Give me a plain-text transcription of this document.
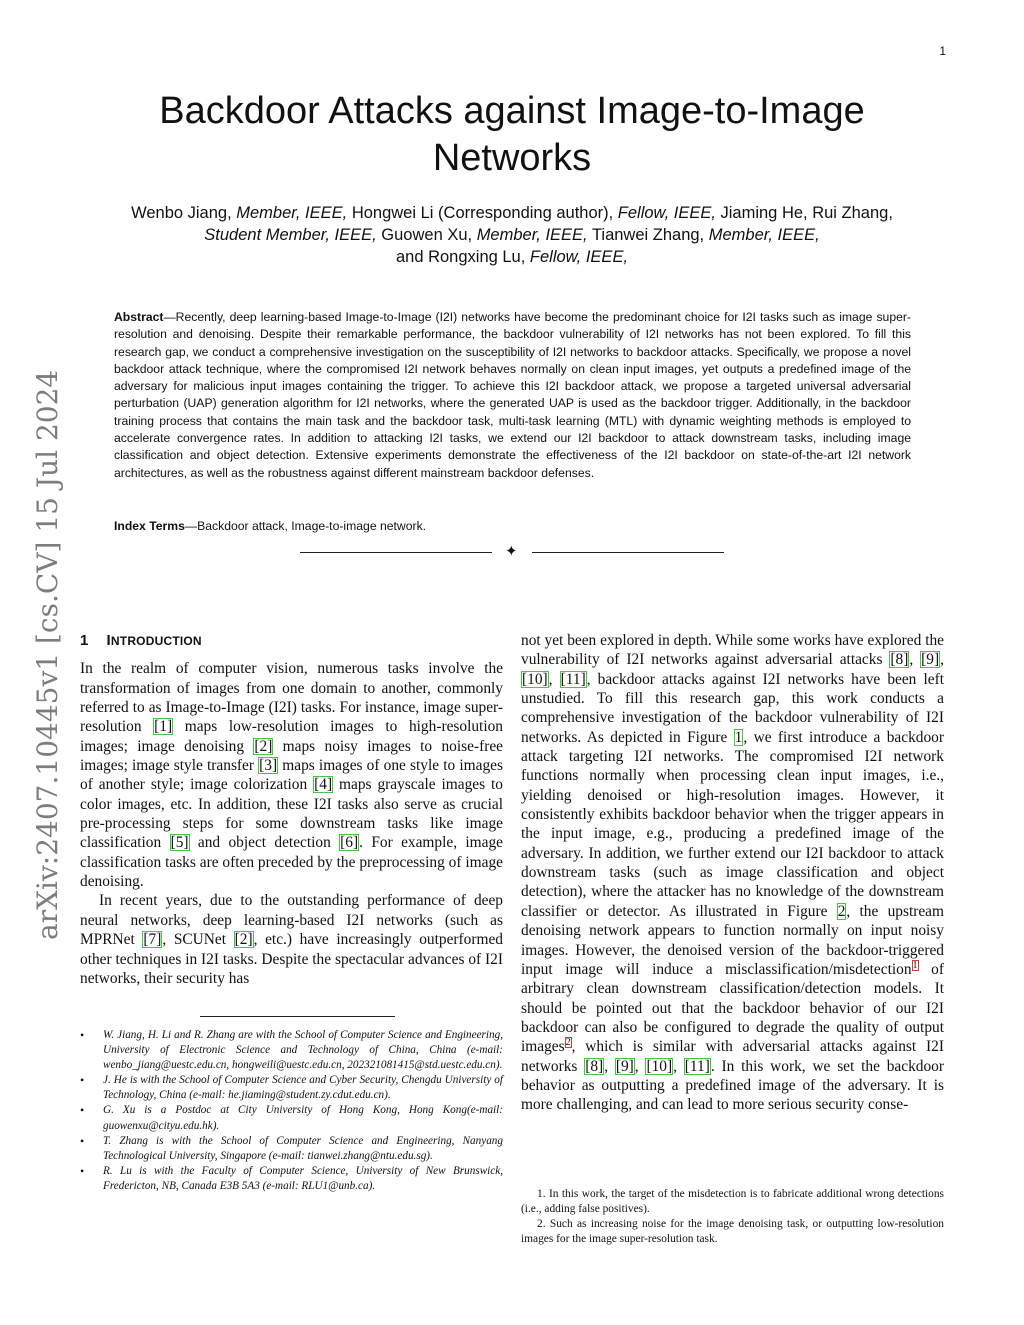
1
Backdoor Attacks against Image-to-Image Networks
Wenbo Jiang, Member, IEEE, Hongwei Li (Corresponding author), Fellow, IEEE, Jiaming He, Rui Zhang, Student Member, IEEE, Guowen Xu, Member, IEEE, Tianwei Zhang, Member, IEEE,
and Rongxing Lu, Fellow, IEEE,
Abstract—Recently, deep learning-based Image-to-Image (I2I) networks have become the predominant choice for I2I tasks such as image super-resolution and denoising. Despite their remarkable performance, the backdoor vulnerability of I2I networks has not been explored. To fill this research gap, we conduct a comprehensive investigation on the susceptibility of I2I networks to backdoor attacks. Specifically, we propose a novel backdoor attack technique, where the compromised I2I network behaves normally on clean input images, yet outputs a predefined image of the adversary for malicious input images containing the trigger. To achieve this I2I backdoor attack, we propose a targeted universal adversarial perturbation (UAP) generation algorithm for I2I networks, where the generated UAP is used as the backdoor trigger. Additionally, in the backdoor training process that contains the main task and the backdoor task, multi-task learning (MTL) with dynamic weighting methods is employed to accelerate convergence rates. In addition to attacking I2I tasks, we extend our I2I backdoor to attack downstream tasks, including image classification and object detection. Extensive experiments demonstrate the effectiveness of the I2I backdoor on state-of-the-art I2I network architectures, as well as the robustness against different mainstream backdoor defenses.
Index Terms—Backdoor attack, Image-to-image network.
✦
arXiv:2407.10445v1 [cs.CV] 15 Jul 2024	1 INTRODUCTION

In the realm of computer vision, numerous tasks involve the transformation of images from one domain to another, commonly referred to as Image-to-Image (I2I) tasks. For instance, image super-resolution [1] maps low-resolution images to high-resolution images; image denoising [2] maps noisy images to noise-free images; image style transfer [3] maps images of one style to images of another style; image colorization [4] maps grayscale images to color images, etc. In addition, these I2I tasks also serve as crucial pre-processing steps for some downstream tasks like image classification [5] and object detection [6]. For example, image classification tasks are often preceded by the preprocessing of image denoising.

In recent years, due to the outstanding performance of deep neural networks, deep learning-based I2I networks (such as MPRNet [7], SCUNet [2], etc.) have increasingly outperformed other techniques in I2I tasks. Despite the spectacular advances of I2I networks, their security has

• W. Jiang, H. Li and R. Zhang are with the School of Computer Science and Engineering, University of Electronic Science and Technology of China, China (e-mail: wenbo_jiang@uestc.edu.cn, hongweili@uestc.edu.cn, 202321081415@std.uestc.edu.cn).
• J. He is with the School of Computer Science and Cyber Security, Chengdu University of Technology, China (e-mail: he.jiaming@student.zy.cdut.edu.cn).
• G. Xu is a Postdoc at City University of Hong Kong, Hong Kong(e-mail: guowenxu@cityu.edu.hk).
• T. Zhang is with the School of Computer Science and Engineering, Nanyang Technological University, Singapore (e-mail: tianwei.zhang@ntu.edu.sg).
• R. Lu is with the Faculty of Computer Science, University of New Brunswick, Fredericton, NB, Canada E3B 5A3 (e-mail: RLU1@unb.ca).

not yet been explored in depth. While some works have explored the vulnerability of I2I networks against adversarial attacks [8], [9], [10], [11], backdoor attacks against I2I networks have been left unstudied. To fill this research gap, this work conducts a comprehensive investigation of the backdoor vulnerability of I2I networks. As depicted in Figure 1, we first introduce a backdoor attack targeting I2I networks. The compromised I2I network functions normally when processing clean input images, i.e., yielding denoised or high-resolution images. However, it consistently exhibits backdoor behavior when the trigger appears in the input image, e.g., producing a predefined image of the adversary. In addition, we further extend our I2I backdoor to attack downstream tasks (such as image classification and object detection), where the attacker has no knowledge of the downstream classifier or detector. As illustrated in Figure 2, the upstream denoising network appears to function normally on input noisy images. However, the denoised version of the backdoor-triggered input image will induce a misclassification/misdetection$^1$ of arbitrary clean downstream classification/detection models. It should be pointed out that the backdoor behavior of our I2I backdoor can also be configured to degrade the quality of output images$^2$, which is similar with adversarial attacks against I2I networks [8], [9], [10], [11]. In this work, we set the backdoor behavior as outputting a predefined image of the adversary. It is more challenging, and can lead to more serious security conse-

1. In this work, the target of the misdetection is to fabricate additional wrong detections (i.e., adding false positives).

2. Such as increasing noise for the image denoising task, or outputting low-resolution images for the image super-resolution task.
